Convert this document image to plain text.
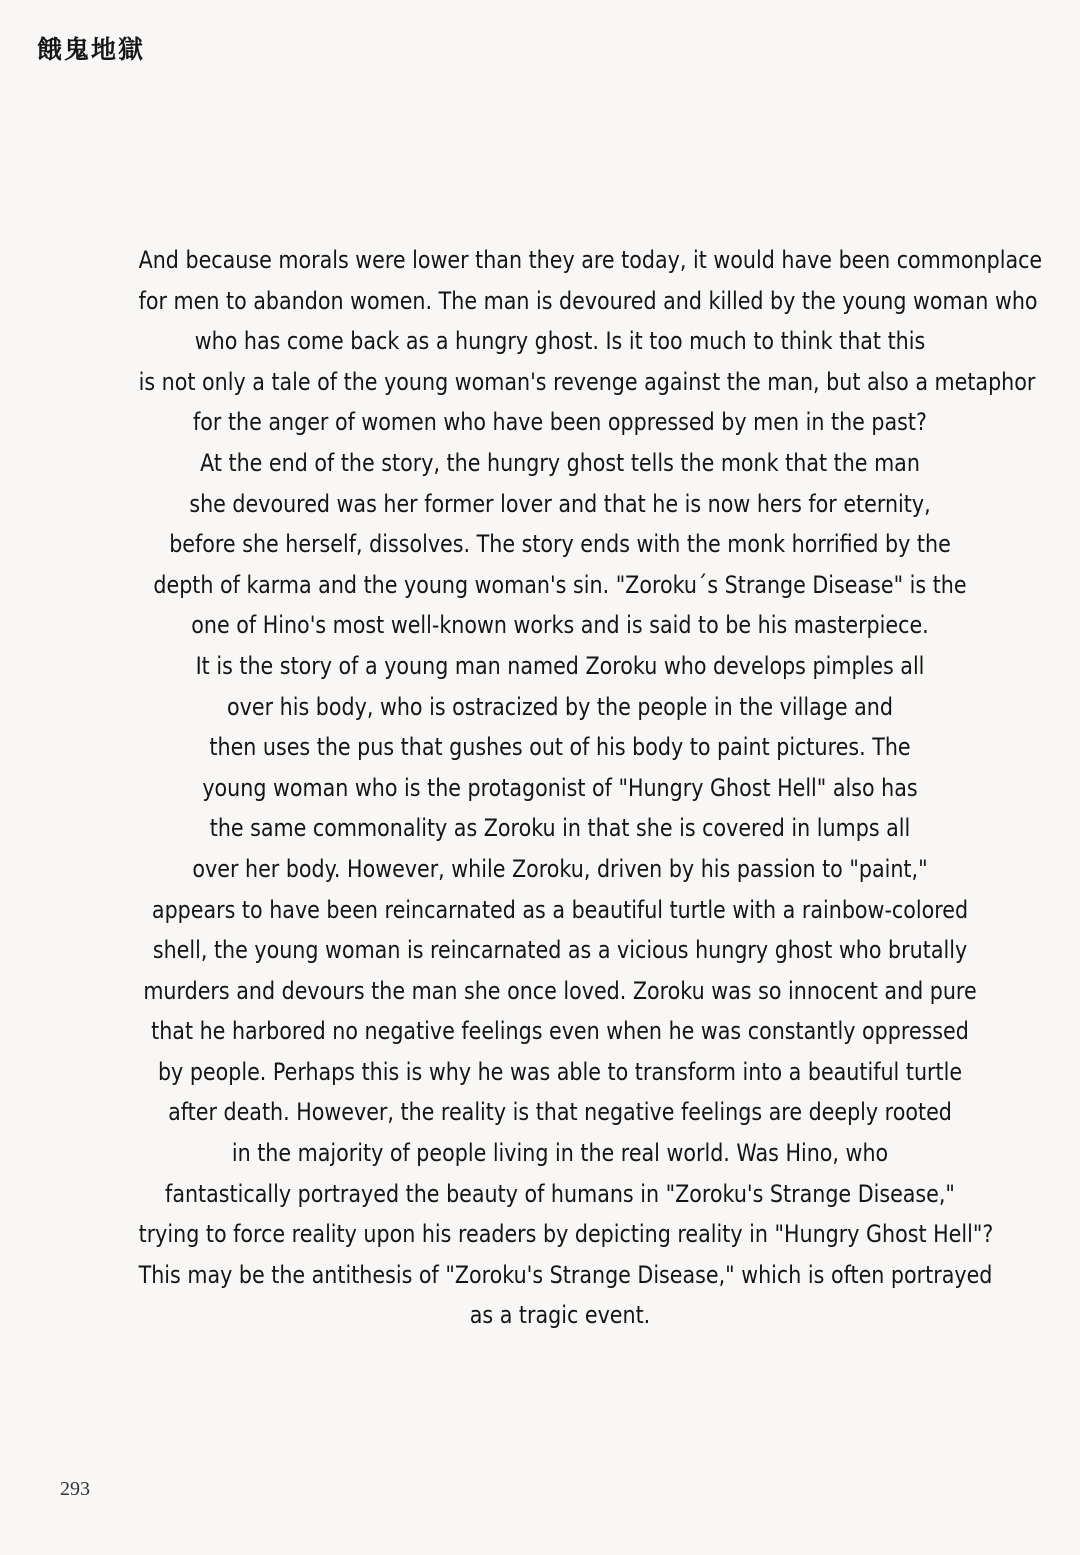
餓鬼地獄
And because morals were lower than they are today, it would have been commonplace
for men to abandon women. The man is devoured and killed by the young woman who
who has come back as a hungry ghost. Is it too much to think that this
is not only a tale of the young woman's revenge against the man, but also a metaphor
for the anger of women who have been oppressed by men in the past?
At the end of the story, the hungry ghost tells the monk that the man
she devoured was her former lover and that he is now hers for eternity,
before she herself, dissolves. The story ends with the monk horrified by the
depth of karma and the young woman's sin. "Zoroku´s Strange Disease" is the
one of Hino's most well-known works and is said to be his masterpiece.
It is the story of a young man named Zoroku who develops pimples all
over his body, who is ostracized by the people in the village and
then uses the pus that gushes out of his body to paint pictures. The
young woman who is the protagonist of "Hungry Ghost Hell" also has
the same commonality as Zoroku in that she is covered in lumps all
over her body. However, while Zoroku, driven by his passion to "paint,"
appears to have been reincarnated as a beautiful turtle with a rainbow-colored
shell, the young woman is reincarnated as a vicious hungry ghost who brutally
murders and devours the man she once loved. Zoroku was so innocent and pure
that he harbored no negative feelings even when he was constantly oppressed
by people. Perhaps this is why he was able to transform into a beautiful turtle
after death. However, the reality is that negative feelings are deeply rooted
in the majority of people living in the real world. Was Hino, who
fantastically portrayed the beauty of humans in "Zoroku's Strange Disease,"
trying to force reality upon his readers by depicting reality in "Hungry Ghost Hell"?
This may be the antithesis of "Zoroku's Strange Disease," which is often portrayed
as a tragic event.
293
